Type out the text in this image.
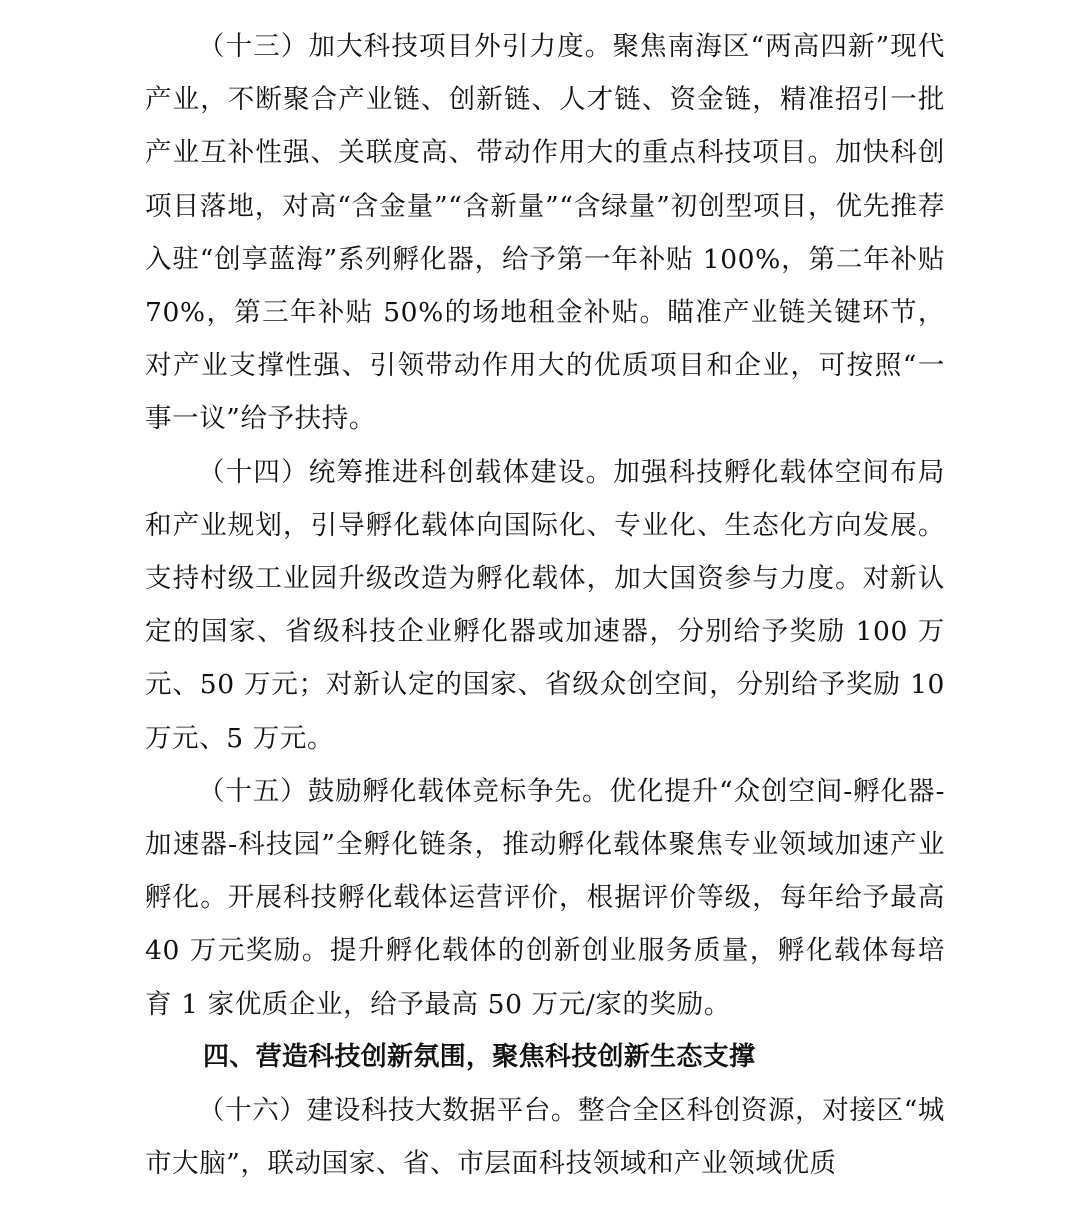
（十三）加大科技项目外引力度。聚焦南海区“两高四新”现代产业，不断聚合产业链、创新链、人才链、资金链，精准招引一批产业互补性强、关联度高、带动作用大的重点科技项目。加快科创项目落地，对高“含金量”“含新量”“含绿量”初创型项目，优先推荐入驻“创享蓝海”系列孵化器，给予第一年补贴 100%，第二年补贴 70%，第三年补贴 50%的场地租金补贴。瞄准产业链关键环节，对产业支撑性强、引领带动作用大的优质项目和企业，可按照“一事一议”给予扶持。

（十四）统筹推进科创载体建设。加强科技孵化载体空间布局和产业规划，引导孵化载体向国际化、专业化、生态化方向发展。支持村级工业园升级改造为孵化载体，加大国资参与力度。对新认定的国家、省级科技企业孵化器或加速器，分别给予奖励 100 万元、50 万元；对新认定的国家、省级众创空间，分别给予奖励 10 万元、5 万元。

（十五）鼓励孵化载体竞标争先。优化提升“众创空间-孵化器-加速器-科技园”全孵化链条，推动孵化载体聚焦专业领域加速产业孵化。开展科技孵化载体运营评价，根据评价等级，每年给予最高 40 万元奖励。提升孵化载体的创新创业服务质量，孵化载体每培育 1 家优质企业，给予最高 50 万元/家的奖励。

四、营造科技创新氛围，聚焦科技创新生态支撑

（十六）建设科技大数据平台。整合全区科创资源，对接区“城市大脑”，联动国家、省、市层面科技领域和产业领域优质
